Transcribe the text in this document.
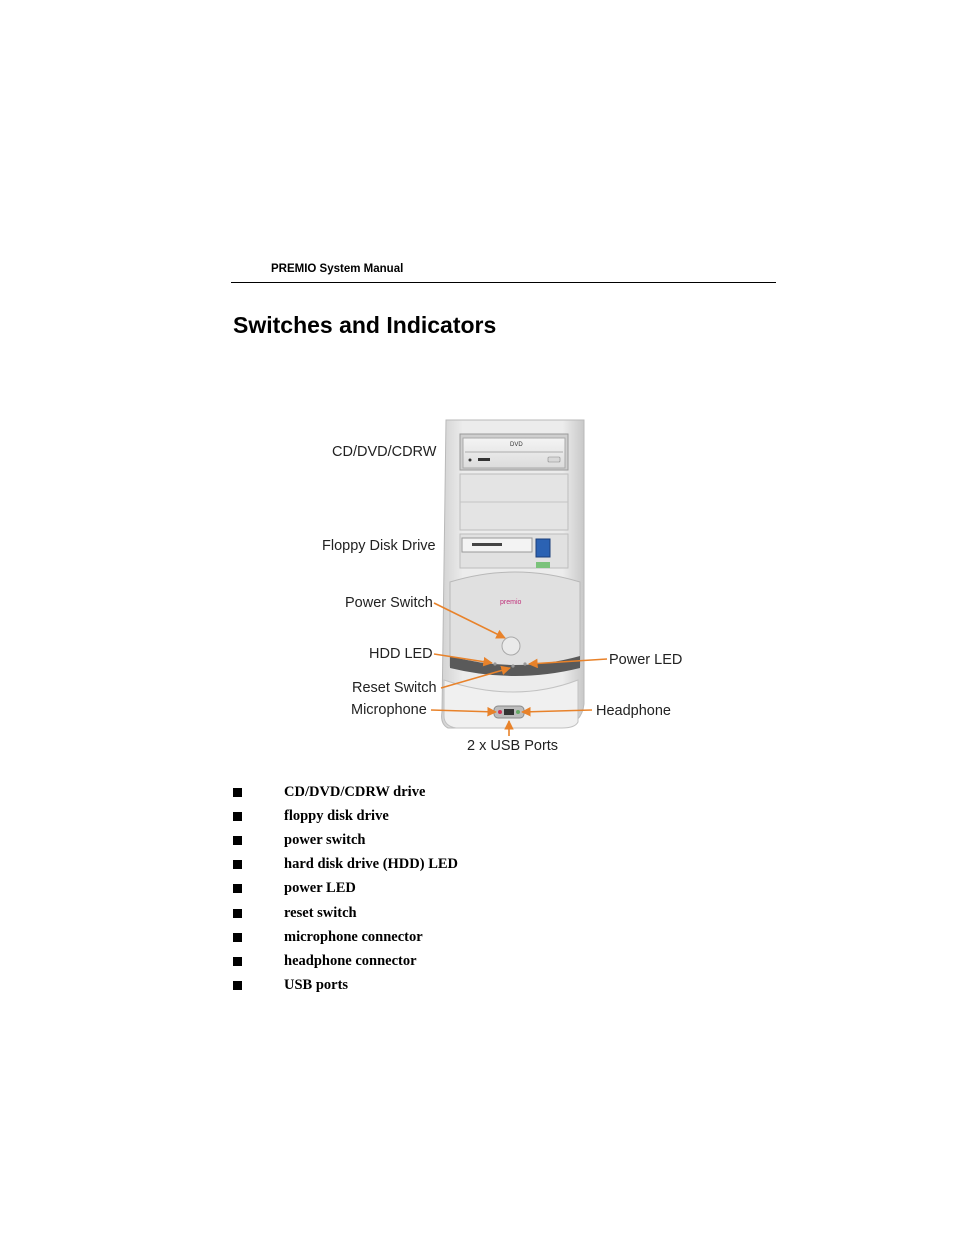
PREMIO System Manual
Switches and Indicators
DVD
premio
CD/DVD/CDRW
Floppy Disk Drive
Power Switch
HDD LED
Reset Switch
Microphone
Power LED
Headphone
2 x USB Ports
CD/DVD/CDRW drive
floppy disk drive
power switch
hard disk drive (HDD) LED
power LED
reset switch
microphone connector
headphone connector
USB ports
